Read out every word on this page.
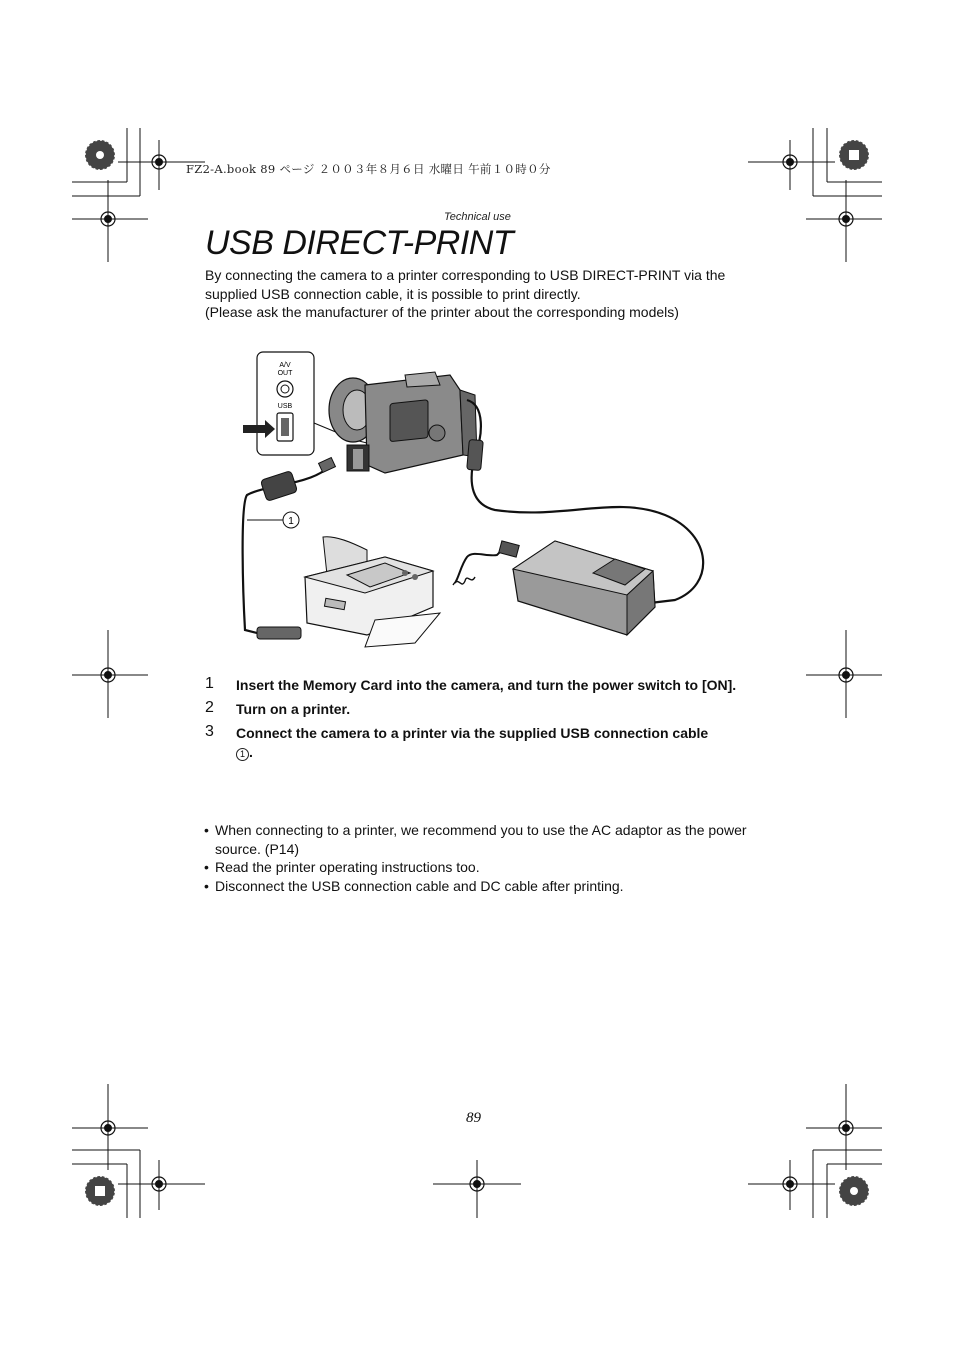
FZ2-A.book 89 ページ ２００３年８月６日 水曜日 午前１０時０分
Technical use
USB DIRECT-PRINT

By connecting the camera to a printer corresponding to USB DIRECT-PRINT via the supplied USB connection cable, it is possible to print directly.

(Please ask the manufacturer of the printer about the corresponding models)

A/V
OUT
USB
1
1 Insert the Memory Card into the camera, and turn the power switch to [ON].
2 Turn on a printer.
3 Connect the camera to a printer via the supplied USB connection cable
1 .
• When connecting to a printer, we recommend you to use the AC adaptor as the power source. (P14)
• Read the printer operating instructions too.
• Disconnect the USB connection cable and DC cable after printing.
89
